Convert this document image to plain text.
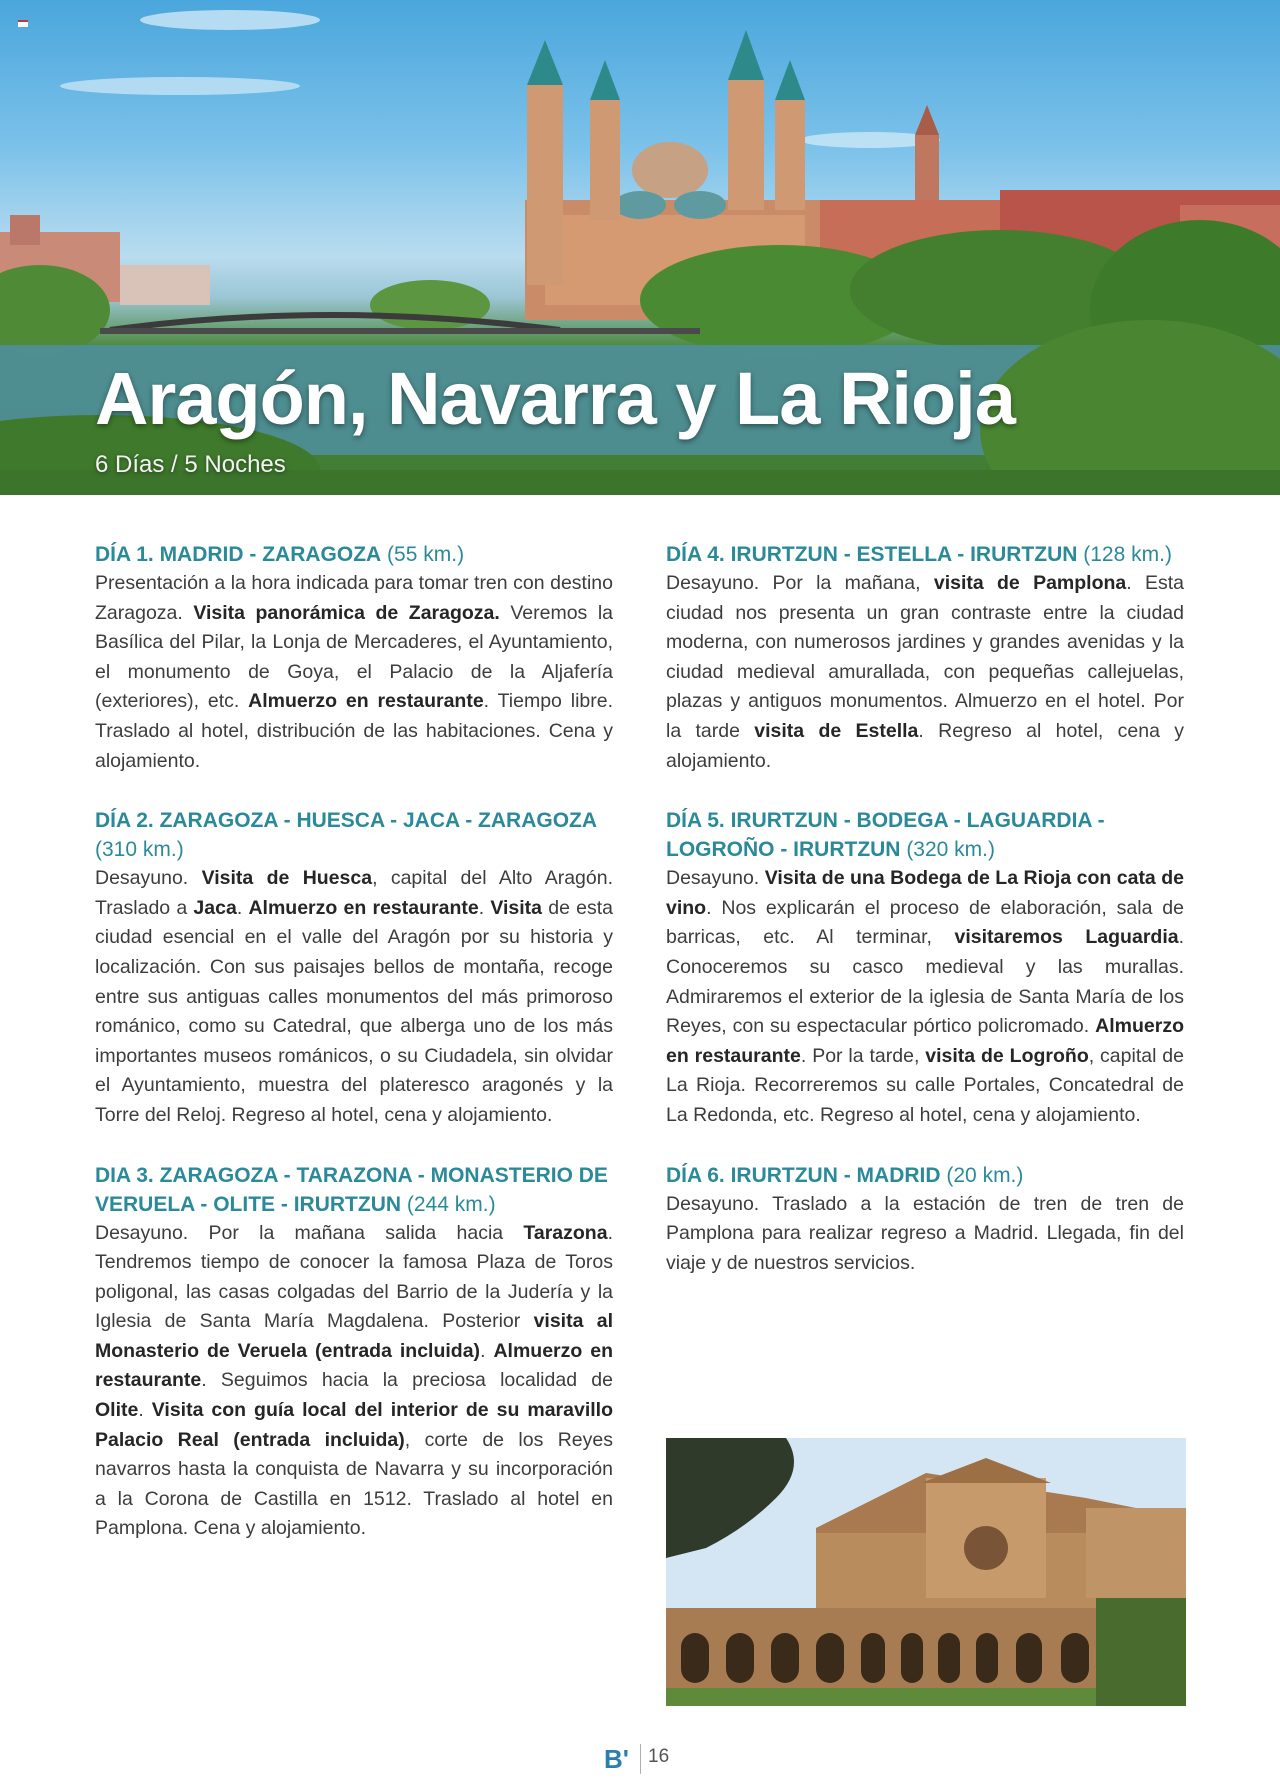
Aragón, Navarra y La Rioja
6 Días / 5 Noches
DÍA 1. MADRID - ZARAGOZA (55 km.)
Presentación a la hora indicada para tomar tren con destino Zaragoza. Visita panorámica de Zaragoza. Veremos la Basílica del Pilar, la Lonja de Mercaderes, el Ayuntamiento, el monumento de Goya, el Palacio de la Aljafería (exteriores), etc. Almuerzo en restaurante. Tiempo libre. Traslado al hotel, distribución de las habitaciones. Cena y alojamiento.
DÍA 2. ZARAGOZA - HUESCA - JACA - ZARAGOZA (310 km.)
Desayuno. Visita de Huesca, capital del Alto Aragón. Traslado a Jaca. Almuerzo en restaurante. Visita de esta ciudad esencial en el valle del Aragón por su historia y localización. Con sus paisajes bellos de montaña, recoge entre sus antiguas calles monumentos del más primoroso románico, como su Catedral, que alberga uno de los más importantes museos románicos, o su Ciudadela, sin olvidar el Ayuntamiento, muestra del plateresco aragonés y la Torre del Reloj. Regreso al hotel, cena y alojamiento.
DIA 3. ZARAGOZA - TARAZONA - MONASTERIO DE VERUELA - OLITE - IRURTZUN (244 km.)
Desayuno. Por la mañana salida hacia Tarazona. Tendremos tiempo de conocer la famosa Plaza de Toros poligonal, las casas colgadas del Barrio de la Judería y la Iglesia de Santa María Magdalena. Posterior visita al Monasterio de Veruela (entrada incluida). Almuerzo en restaurante. Seguimos hacia la preciosa localidad de Olite. Visita con guía local del interior de su maravillo Palacio Real (entrada incluida), corte de los Reyes navarros hasta la conquista de Navarra y su incorporación a la Corona de Castilla en 1512. Traslado al hotel en Pamplona. Cena y alojamiento.
DÍA 4. IRURTZUN - ESTELLA - IRURTZUN (128 km.)
Desayuno. Por la mañana, visita de Pamplona. Esta ciudad nos presenta un gran contraste entre la ciudad moderna, con numerosos jardines y grandes avenidas y la ciudad medieval amurallada, con pequeñas callejuelas, plazas y antiguos monumentos. Almuerzo en el hotel. Por la tarde visita de Estella. Regreso al hotel, cena y alojamiento.
DÍA 5. IRURTZUN - BODEGA - LAGUARDIA - LOGROÑO - IRURTZUN (320 km.)
Desayuno. Visita de una Bodega de La Rioja con cata de vino. Nos explicarán el proceso de elaboración, sala de barricas, etc. Al terminar, visitaremos Laguardia. Conoceremos su casco medieval y las murallas. Admiraremos el exterior de la iglesia de Santa María de los Reyes, con su espectacular pórtico policromado. Almuerzo en restaurante. Por la tarde, visita de Logroño, capital de La Rioja. Recorreremos su calle Portales, Concatedral de La Redonda, etc. Regreso al hotel, cena y alojamiento.
DÍA 6. IRURTZUN - MADRID (20 km.)
Desayuno. Traslado a la estación de tren de tren de Pamplona para realizar regreso a Madrid. Llegada, fin del viaje y de nuestros servicios.
B' 16
